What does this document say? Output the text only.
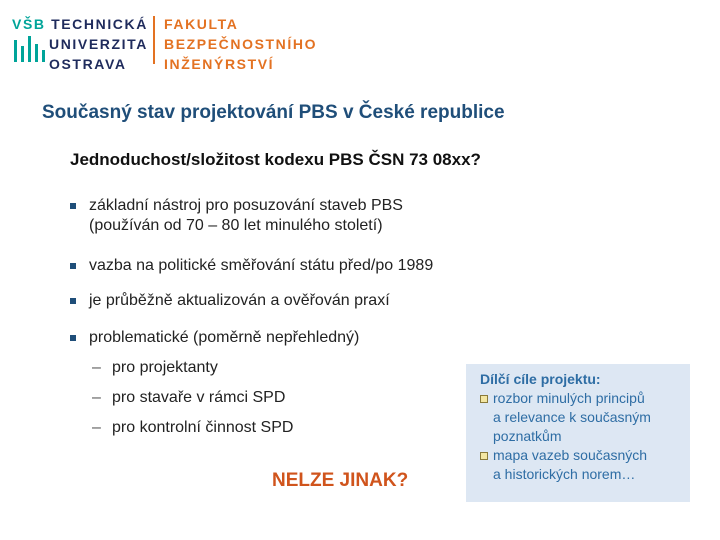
VŠB TECHNICKÁ
UNIVERZITA
OSTRAVA
FAKULTA
BEZPEČNOSTNÍHO
INŽENÝRSTVÍ
Současný stav projektování PBS v České republice
Jednoduchost/složitost kodexu PBS ČSN 73 08xx?
základní nástroj pro posuzování staveb PBS
(používán od 70 – 80 let minulého století)
vazba na politické směřování státu před/po 1989
je průběžně aktualizován a ověřován praxí
problematické (poměrně nepřehledný)
– pro projektanty
– pro stavaře v rámci SPD
– pro kontrolní činnost SPD
NELZE JINAK?
Dílčí cíle projektu:
rozbor minulých principů
a relevance k současným
poznatkům
mapa vazeb současných
a historických norem…
